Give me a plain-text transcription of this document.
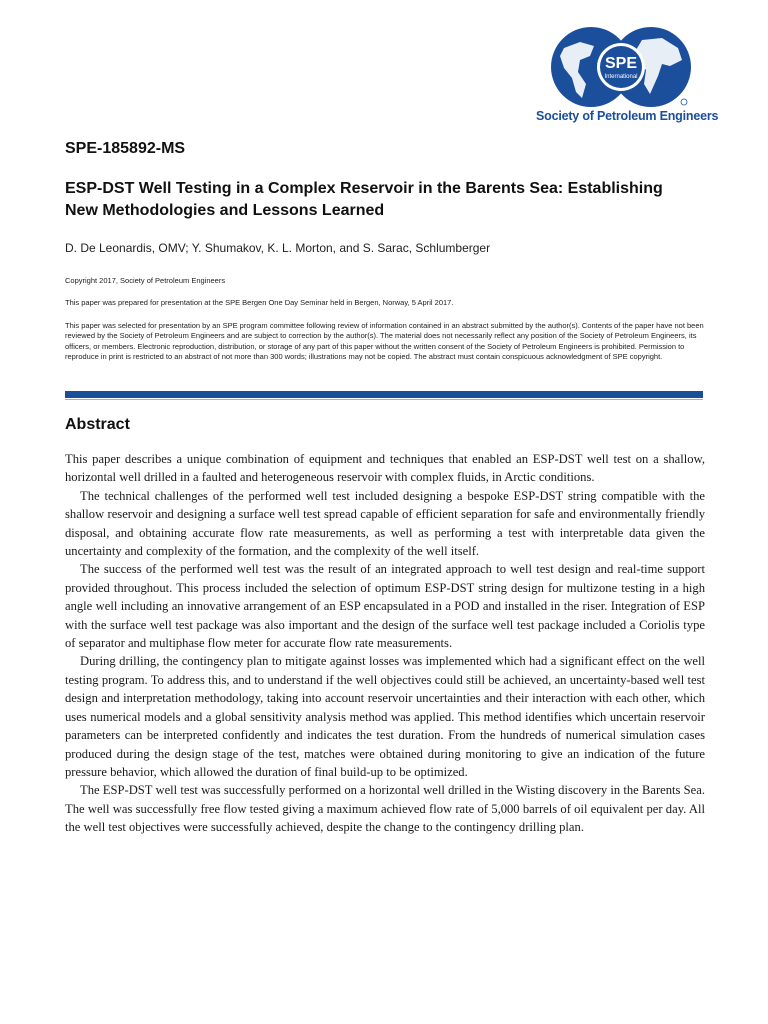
SPE
International
Society of Petroleum Engineers
SPE-185892-MS
ESP-DST Well Testing in a Complex Reservoir in the Barents Sea: Establishing New Methodologies and Lessons Learned
D. De Leonardis, OMV; Y. Shumakov, K. L. Morton, and S. Sarac, Schlumberger
Copyright 2017, Society of Petroleum Engineers
This paper was prepared for presentation at the SPE Bergen One Day Seminar held in Bergen, Norway, 5 April 2017.
This paper was selected for presentation by an SPE program committee following review of information contained in an abstract submitted by the author(s). Contents of the paper have not been reviewed by the Society of Petroleum Engineers and are subject to correction by the author(s). The material does not necessarily reflect any position of the Society of Petroleum Engineers, its officers, or members. Electronic reproduction, distribution, or storage of any part of this paper without the written consent of the Society of Petroleum Engineers is prohibited. Permission to reproduce in print is restricted to an abstract of not more than 300 words; illustrations may not be copied. The abstract must contain conspicuous acknowledgment of SPE copyright.
Abstract

This paper describes a unique combination of equipment and techniques that enabled an ESP-DST well test on a shallow, horizontal well drilled in a faulted and heterogeneous reservoir with complex fluids, in Arctic conditions.

The technical challenges of the performed well test included designing a bespoke ESP-DST string compatible with the shallow reservoir and designing a surface well test spread capable of efficient separation for safe and environmentally friendly disposal, and obtaining accurate flow rate measurements, as well as performing a test with interpretable data given the uncertainty and complexity of the formation, and the complexity of the well itself.

The success of the performed well test was the result of an integrated approach to well test design and real-time support provided throughout. This process included the selection of optimum ESP-DST string design for multizone testing in a high angle well including an innovative arrangement of an ESP encapsulated in a POD and installed in the riser. Integration of ESP with the surface well test package was also important and the design of the surface well test package included a Coriolis type of separator and multiphase flow meter for accurate flow rate measurements.

During drilling, the contingency plan to mitigate against losses was implemented which had a significant effect on the well testing program. To address this, and to understand if the well objectives could still be achieved, an uncertainty-based well test design and interpretation methodology, taking into account reservoir uncertainties and their interaction with each other, which uses numerical models and a global sensitivity analysis method was applied. This method identifies which uncertain reservoir parameters can be interpreted confidently and indicates the test duration. From the hundreds of numerical simulation cases produced during the design stage of the test, matches were obtained during monitoring to give an indication of the future pressure behavior, which allowed the duration of final build-up to be optimized.

The ESP-DST well test was successfully performed on a horizontal well drilled in the Wisting discovery in the Barents Sea. The well was successfully free flow tested giving a maximum achieved flow rate of 5,000 barrels of oil equivalent per day. All the well test objectives were successfully achieved, despite the change to the contingency drilling plan.
